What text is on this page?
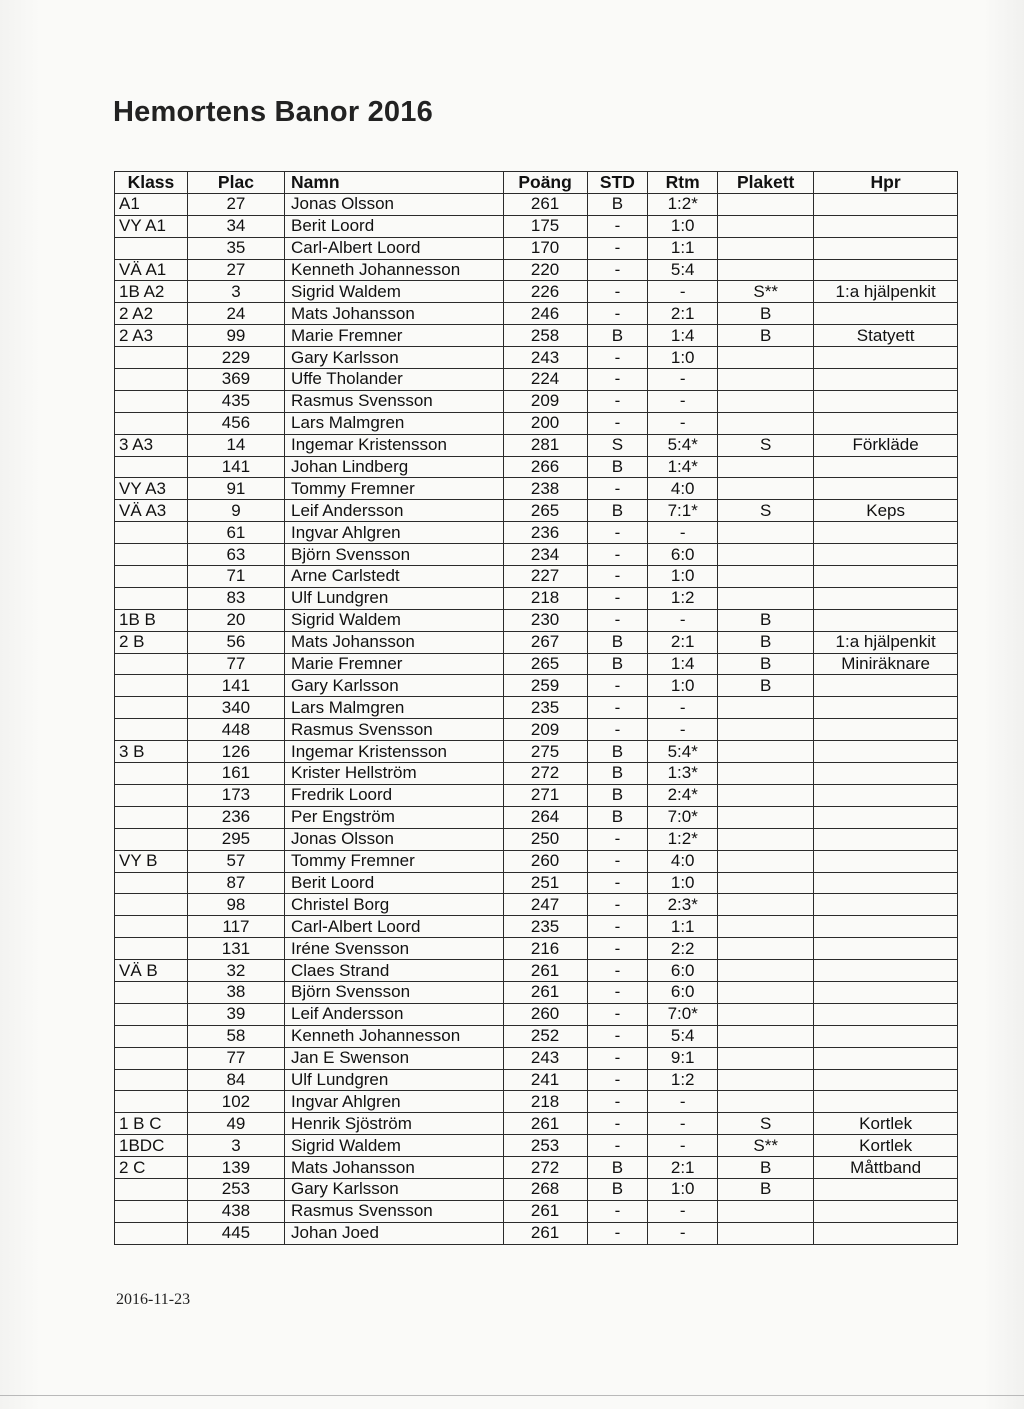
Hemortens Banor 2016
Klass	Plac	Namn	Poäng	STD	Rtm	Plakett	Hpr
A1	27	Jonas Olsson	261	B	1:2*		
VY A1	34	Berit Loord	175	-	1:0		
	35	Carl-Albert Loord	170	-	1:1		
VÄ A1	27	Kenneth Johannesson	220	-	5:4		
1B A2	3	Sigrid Waldem	226	-	-	S**	1:a hjälpenkit
2 A2	24	Mats Johansson	246	-	2:1	B	
2 A3	99	Marie Fremner	258	B	1:4	B	Statyett
	229	Gary Karlsson	243	-	1:0		
	369	Uffe Tholander	224	-	-		
	435	Rasmus Svensson	209	-	-		
	456	Lars Malmgren	200	-	-		
3 A3	14	Ingemar Kristensson	281	S	5:4*	S	Förkläde
	141	Johan Lindberg	266	B	1:4*		
VY A3	91	Tommy Fremner	238	-	4:0		
VÄ A3	9	Leif Andersson	265	B	7:1*	S	Keps
	61	Ingvar Ahlgren	236	-	-		
	63	Björn Svensson	234	-	6:0		
	71	Arne Carlstedt	227	-	1:0		
	83	Ulf Lundgren	218	-	1:2		
1B B	20	Sigrid Waldem	230	-	-	B	
2 B	56	Mats Johansson	267	B	2:1	B	1:a hjälpenkit
	77	Marie Fremner	265	B	1:4	B	Miniräknare
	141	Gary Karlsson	259	-	1:0	B	
	340	Lars Malmgren	235	-	-		
	448	Rasmus Svensson	209	-	-		
3 B	126	Ingemar Kristensson	275	B	5:4*		
	161	Krister Hellström	272	B	1:3*		
	173	Fredrik Loord	271	B	2:4*		
	236	Per Engström	264	B	7:0*		
	295	Jonas Olsson	250	-	1:2*		
VY B	57	Tommy Fremner	260	-	4:0		
	87	Berit Loord	251	-	1:0		
	98	Christel Borg	247	-	2:3*		
	117	Carl-Albert Loord	235	-	1:1		
	131	Iréne Svensson	216	-	2:2		
VÄ B	32	Claes Strand	261	-	6:0		
	38	Björn Svensson	261	-	6:0		
	39	Leif Andersson	260	-	7:0*		
	58	Kenneth Johannesson	252	-	5:4		
	77	Jan E Swenson	243	-	9:1		
	84	Ulf Lundgren	241	-	1:2		
	102	Ingvar Ahlgren	218	-	-		
1 B C	49	Henrik Sjöström	261	-	-	S	Kortlek
1BDC	3	Sigrid Waldem	253	-	-	S**	Kortlek
2 C	139	Mats Johansson	272	B	2:1	B	Måttband
	253	Gary Karlsson	268	B	1:0	B	
	438	Rasmus Svensson	261	-	-		
	445	Johan Joed	261	-	-		
2016-11-23
